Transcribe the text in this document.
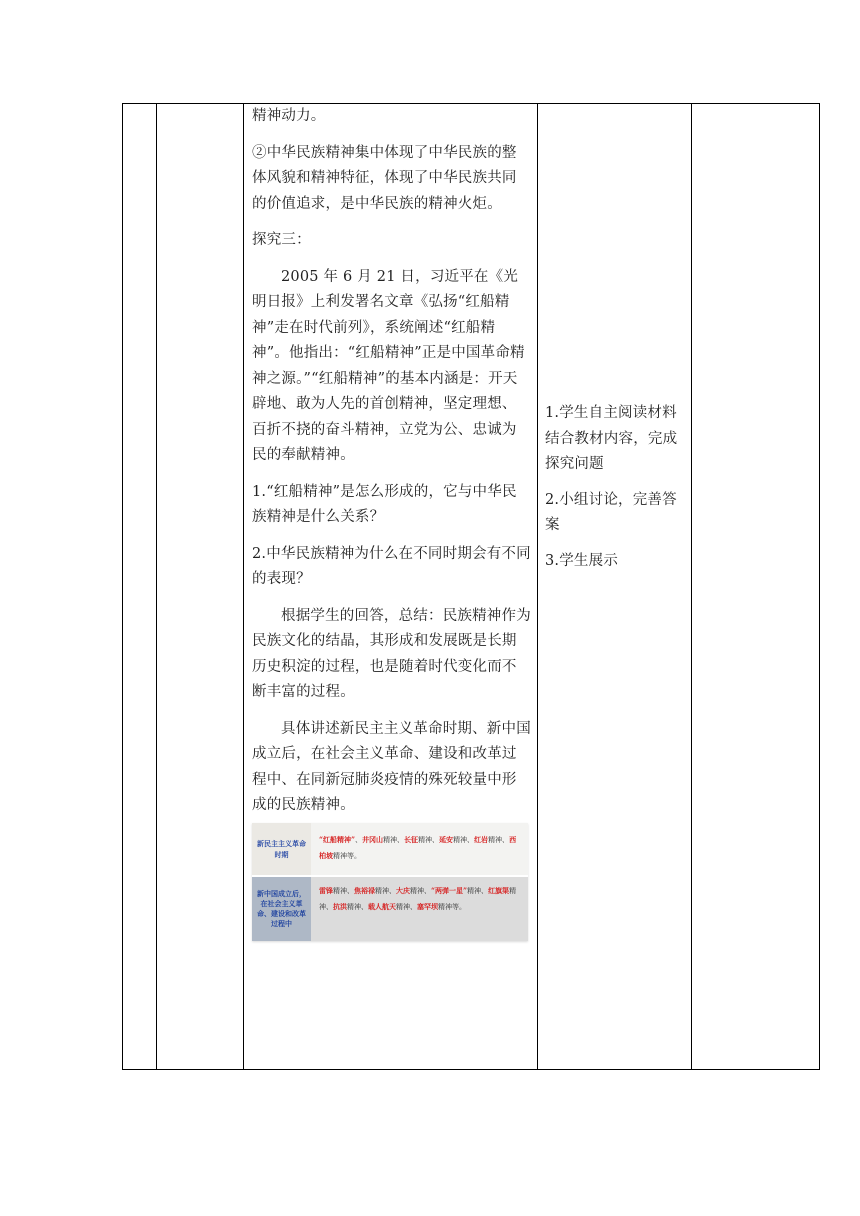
精神动力。

②中华民族精神集中体现了中华民族的整体风貌和精神特征，体现了中华民族共同的价值追求，是中华民族的精神火炬。

探究三：

2005 年 6 月 21 日，习近平在《光明日报》上利发署名文章《弘扬“红船精神”走在时代前列》，系统阐述“红船精神”。他指出：“红船精神”正是中国革命精神之源。”“红船精神”的基本内涵是：开天辟地、敢为人先的首创精神，坚定理想、百折不挠的奋斗精神，立党为公、忠诚为民的奉献精神。

1.“红船精神”是怎么形成的，它与中华民族精神是什么关系？

2.中华民族精神为什么在不同时期会有不同的表现？

根据学生的回答，总结：民族精神作为民族文化的结晶，其形成和发展既是长期历史积淀的过程，也是随着时代变化而不断丰富的过程。

具体讲述新民主主义革命时期、新中国成立后，在社会主义革命、建设和改革过程中、在同新冠肺炎疫情的殊死较量中形成的民族精神。

新民主主义革命时期
“红船精神”、井冈山精神、长征精神、延安精神、红岩精神、西柏坡精神等。
新中国成立后，在社会主义革命、建设和改革过程中
雷锋精神、焦裕禄精神、大庆精神、“两弹一星”精神、红旗渠精神、抗洪精神、载人航天精神、塞罕坝精神等。

1.学生自主阅读材料结合教材内容，完成探究问题

2.小组讨论，完善答案

3.学生展示
